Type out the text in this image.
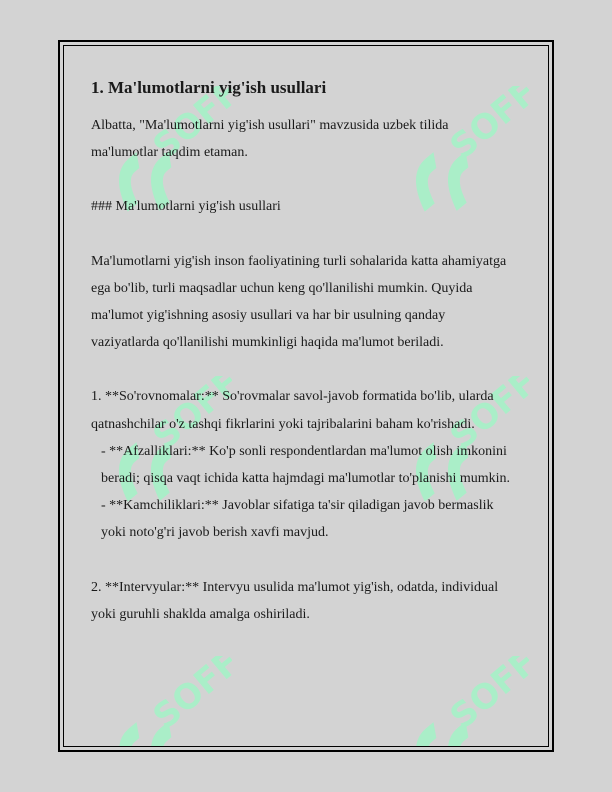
SOFF	SOFF
SOFF	SOFF
SOFF	SOFF
1. Ma'lumotlarni yig'ish usullari

Albatta, "Ma'lumotlarni yig'ish usullari" mavzusida uzbek tilida ma'lumotlar taqdim etaman.

### Ma'lumotlarni yig'ish usullari

Ma'lumotlarni yig'ish inson faoliyatining turli sohalarida katta ahamiyatga ega bo'lib, turli maqsadlar uchun keng qo'llanilishi mumkin. Quyida ma'lumot yig'ishning asosiy usullari va har bir usulning qanday vaziyatlarda qo'llanilishi mumkinligi haqida ma'lumot beriladi.

1. **So'rovnomalar:** So'rovmalar savol-javob formatida bo'lib, ularda qatnashchilar o'z tashqi fikrlarini yoki tajribalarini baham ko'rishadi.

- **Afzalliklari:** Ko'p sonli respondentlardan ma'lumot olish imkonini beradi; qisqa vaqt ichida katta hajmdagi ma'lumotlar to'planishi mumkin.

- **Kamchiliklari:** Javoblar sifatiga ta'sir qiladigan javob bermaslik yoki noto'g'ri javob berish xavfi mavjud.

2. **Intervyular:** Intervyu usulida ma'lumot yig'ish, odatda, individual yoki guruhli shaklda amalga oshiriladi.
